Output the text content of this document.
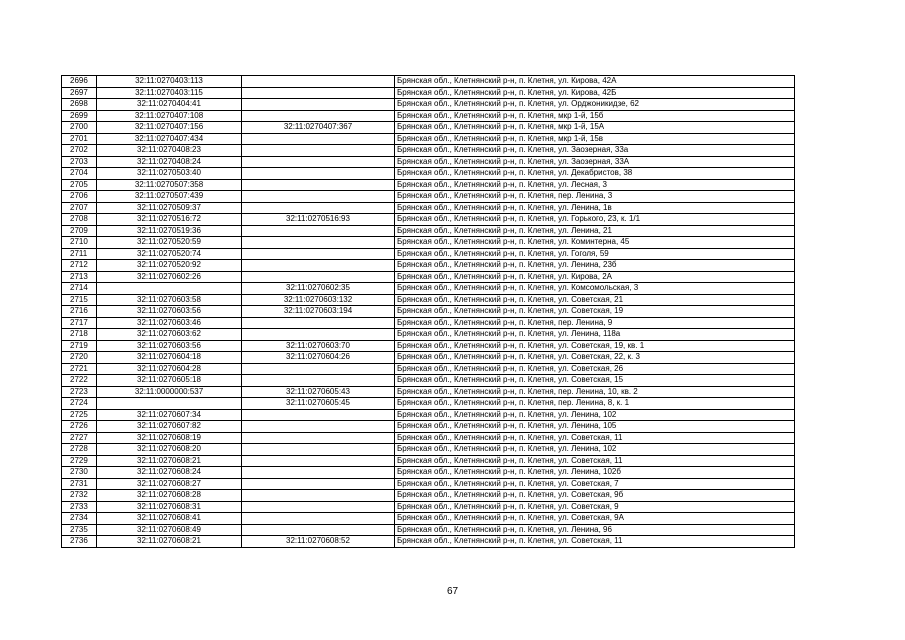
2696	32:11:0270403:113		Брянская обл., Клетнянский р-н, п. Клетня, ул. Кирова, 42А
2697	32:11:0270403:115		Брянская обл., Клетнянский р-н, п. Клетня, ул. Кирова, 42Б
2698	32:11:0270404:41		Брянская обл., Клетнянский р-н, п. Клетня, ул. Орджоникидзе, 62
2699	32:11:0270407:108		Брянская обл., Клетнянский р-н, п. Клетня, мкр 1-й, 15б
2700	32:11:0270407:156	32:11:0270407:367	Брянская обл., Клетнянский р-н, п. Клетня, мкр 1-й, 15А
2701	32:11:0270407:434		Брянская обл., Клетнянский р-н, п. Клетня, мкр 1-й, 15в
2702	32:11:0270408:23		Брянская обл., Клетнянский р-н, п. Клетня, ул. Заозерная, 33а
2703	32:11:0270408:24		Брянская обл., Клетнянский р-н, п. Клетня, ул. Заозерная, 33А
2704	32:11:0270503:40		Брянская обл., Клетнянский р-н, п. Клетня, ул. Декабристов, 38
2705	32:11:0270507:358		Брянская обл., Клетнянский р-н, п. Клетня, ул. Лесная, 3
2706	32:11:0270507:439		Брянская обл., Клетнянский р-н, п. Клетня, пер. Ленина, 3
2707	32:11:0270509:37		Брянская обл., Клетнянский р-н, п. Клетня, ул. Ленина, 1в
2708	32:11:0270516:72	32:11:0270516:93	Брянская обл., Клетнянский р-н, п. Клетня, ул. Горького, 23, к. 1/1
2709	32:11:0270519:36		Брянская обл., Клетнянский р-н, п. Клетня, ул. Ленина, 21
2710	32:11:0270520:59		Брянская обл., Клетнянский р-н, п. Клетня, ул. Коминтерна, 45
2711	32:11:0270520:74		Брянская обл., Клетнянский р-н, п. Клетня, ул. Гоголя, 59
2712	32:11:0270520:92		Брянская обл., Клетнянский р-н, п. Клетня, ул. Ленина, 23б
2713	32:11:0270602:26		Брянская обл., Клетнянский р-н, п. Клетня, ул. Кирова, 2А
2714		32:11:0270602:35	Брянская обл., Клетнянский р-н, п. Клетня, ул. Комсомольская, 3
2715	32:11:0270603:58	32:11:0270603:132	Брянская обл., Клетнянский р-н, п. Клетня, ул. Советская, 21
2716	32:11:0270603:56	32:11:0270603:194	Брянская обл., Клетнянский р-н, п. Клетня, ул. Советская, 19
2717	32:11:0270603:46		Брянская обл., Клетнянский р-н, п. Клетня, пер. Ленина, 9
2718	32:11:0270603:62		Брянская обл., Клетнянский р-н, п. Клетня, ул. Ленина, 118а
2719	32:11:0270603:56	32:11:0270603:70	Брянская обл., Клетнянский р-н, п. Клетня, ул. Советская, 19, кв. 1
2720	32:11:0270604:18	32:11:0270604:26	Брянская обл., Клетнянский р-н, п. Клетня, ул. Советская, 22, к. 3
2721	32:11:0270604:28		Брянская обл., Клетнянский р-н, п. Клетня, ул. Советская, 26
2722	32:11:0270605:18		Брянская обл., Клетнянский р-н, п. Клетня, ул. Советская, 15
2723	32:11:0000000:537	32:11:0270605:43	Брянская обл., Клетнянский р-н, п. Клетня, пер. Ленина, 10, кв. 2
2724		32:11:0270605:45	Брянская обл., Клетнянский р-н, п. Клетня, пер. Ленина, 8, к. 1
2725	32:11:0270607:34		Брянская обл., Клетнянский р-н, п. Клетня, ул. Ленина, 102
2726	32:11:0270607:82		Брянская обл., Клетнянский р-н, п. Клетня, ул. Ленина, 105
2727	32:11:0270608:19		Брянская обл., Клетнянский р-н, п. Клетня, ул. Советская, 11
2728	32:11:0270608:20		Брянская обл., Клетнянский р-н, п. Клетня, ул. Ленина, 102
2729	32:11:0270608:21		Брянская обл., Клетнянский р-н, п. Клетня, ул. Советская, 11
2730	32:11:0270608:24		Брянская обл., Клетнянский р-н, п. Клетня, ул. Ленина, 102б
2731	32:11:0270608:27		Брянская обл., Клетнянский р-н, п. Клетня, ул. Советская, 7
2732	32:11:0270608:28		Брянская обл., Клетнянский р-н, п. Клетня, ул. Советская, 9б
2733	32:11:0270608:31		Брянская обл., Клетнянский р-н, п. Клетня, ул. Советская, 9
2734	32:11:0270608:41		Брянская обл., Клетнянский р-н, п. Клетня, ул. Советская, 9А
2735	32:11:0270608:49		Брянская обл., Клетнянский р-н, п. Клетня, ул. Ленина, 96
2736	32:11:0270608:21	32:11:0270608:52	Брянская обл., Клетнянский р-н, п. Клетня, ул. Советская, 11
67
